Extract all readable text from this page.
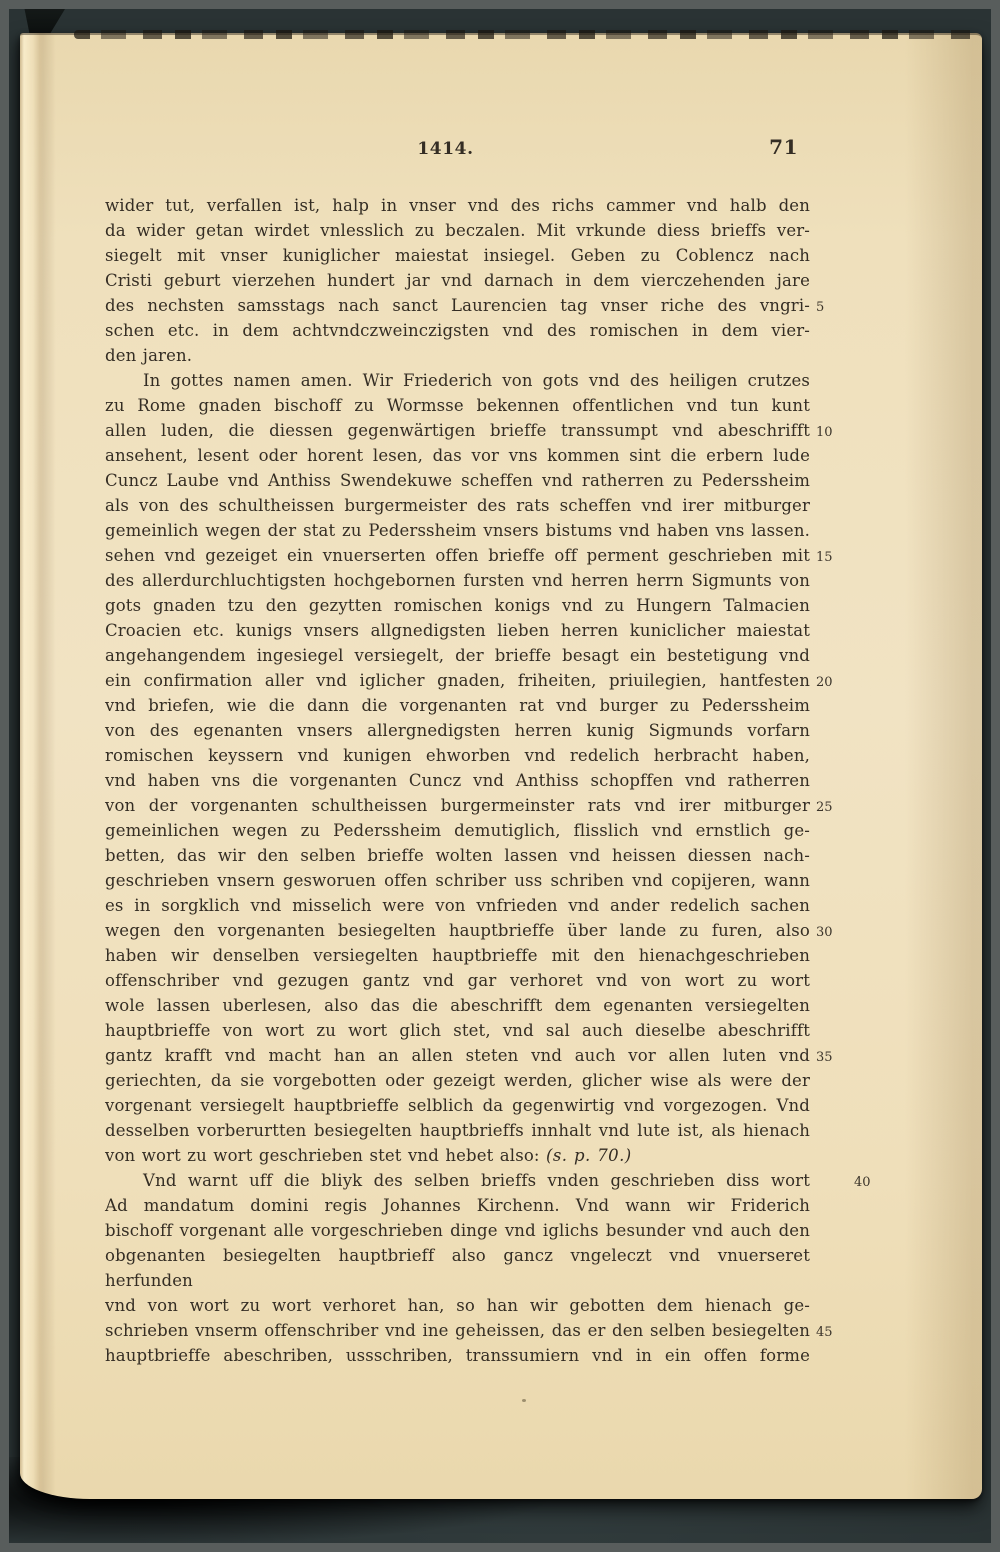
1414.	71
wider tut, verfallen ist, halp in vnser vnd des richs cammer vnd halb den
da wider getan wirdet vnlesslich zu beczalen. Mit vrkunde diess brieffs ver-
siegelt mit vnser kuniglicher maiestat insiegel. Geben zu Coblencz nach
Cristi geburt vierzehen hundert jar vnd darnach in dem vierczehenden jare
des nechsten samsstags nach sanct Laurencien tag vnser riche des vngri- 5
schen etc. in dem achtvndczweinczigsten vnd des romischen in dem vier-
den jaren.
In gottes namen amen. Wir Friederich von gots vnd des heiligen crutzes
zu Rome gnaden bischoff zu Wormsse bekennen offentlichen vnd tun kunt
allen luden, die diessen gegenwärtigen brieffe transsumpt vnd abeschrifft 10
ansehent, lesent oder horent lesen, das vor vns kommen sint die erbern lude
Cuncz Laube vnd Anthiss Swendekuwe scheffen vnd ratherren zu Pederssheim
als von des schultheissen burgermeister des rats scheffen vnd irer mitburger
gemeinlich wegen der stat zu Pederssheim vnsers bistums vnd haben vns lassen.
sehen vnd gezeiget ein vnuerserten offen brieffe off perment geschrieben mit 15
des allerdurchluchtigsten hochgebornen fursten vnd herren herrn Sigmunts von
gots gnaden tzu den gezytten romischen konigs vnd zu Hungern Talmacien
Croacien etc. kunigs vnsers allgnedigsten lieben herren kuniclicher maiestat
angehangendem ingesiegel versiegelt, der brieffe besagt ein bestetigung vnd
ein confirmation aller vnd iglicher gnaden, friheiten, priuilegien, hantfesten 20
vnd briefen, wie die dann die vorgenanten rat vnd burger zu Pederssheim
von des egenanten vnsers allergnedigsten herren kunig Sigmunds vorfarn
romischen keyssern vnd kunigen ehworben vnd redelich herbracht haben,
vnd haben vns die vorgenanten Cuncz vnd Anthiss schopffen vnd ratherren
von der vorgenanten schultheissen burgermeinster rats vnd irer mitburger 25
gemeinlichen wegen zu Pederssheim demutiglich, flisslich vnd ernstlich ge-
betten, das wir den selben brieffe wolten lassen vnd heissen diessen nach-
geschrieben vnsern gesworuen offen schriber uss schriben vnd copijeren, wann
es in sorgklich vnd misselich were von vnfrieden vnd ander redelich sachen
wegen den vorgenanten besiegelten hauptbrieffe über lande zu furen, also 30
haben wir denselben versiegelten hauptbrieffe mit den hienachgeschrieben
offenschriber vnd gezugen gantz vnd gar verhoret vnd von wort zu wort
wole lassen uberlesen, also das die abeschrifft dem egenanten versiegelten
hauptbrieffe von wort zu wort glich stet, vnd sal auch dieselbe abeschrifft
gantz krafft vnd macht han an allen steten vnd auch vor allen luten vnd 35
geriechten, da sie vorgebotten oder gezeigt werden, glicher wise als were der
vorgenant versiegelt hauptbrieffe selblich da gegenwirtig vnd vorgezogen. Vnd
desselben vorberurtten besiegelten hauptbrieffs innhalt vnd lute ist, als hienach
von wort zu wort geschrieben stet vnd hebet also: (s. p. 70.)
Vnd warnt uff die bliyk des selben brieffs vnden geschrieben diss wort	40
Ad mandatum domini regis Johannes Kirchenn. Vnd wann wir Friderich
bischoff vorgenant alle vorgeschrieben dinge vnd iglichs besunder vnd auch den
obgenanten besiegelten hauptbrieff also gancz vngeleczt vnd vnuerseret herfunden
vnd von wort zu wort verhoret han, so han wir gebotten dem hienach ge-
schrieben vnserm offenschriber vnd ine geheissen, das er den selben besiegelten 45
hauptbrieffe abeschriben, ussschriben, transsumiern vnd in ein offen forme
